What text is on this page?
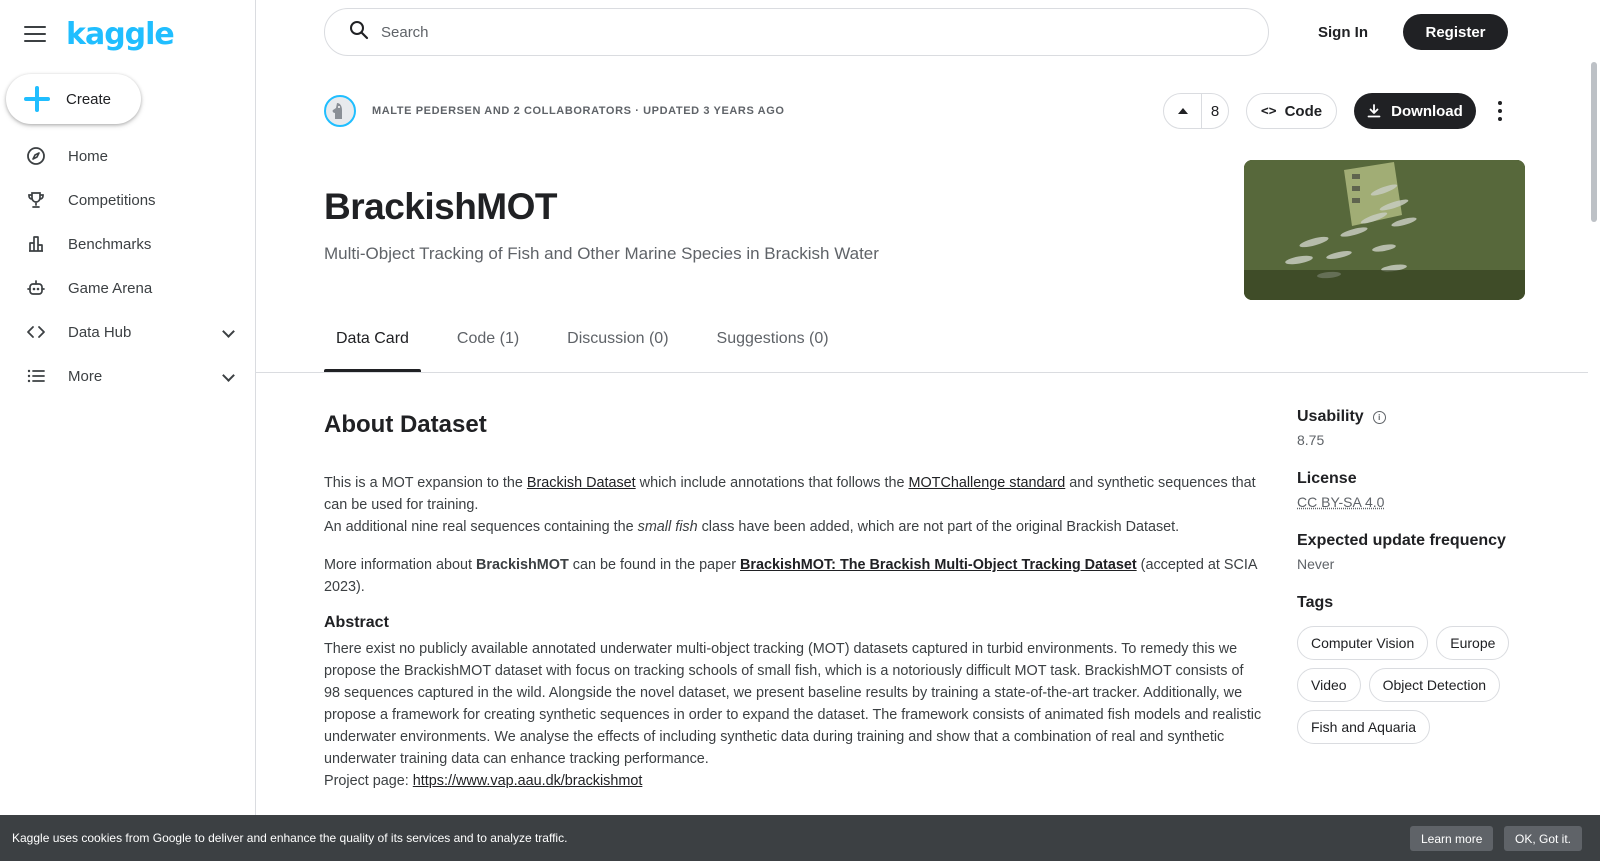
kaggle
Create
Home
Competitions
Benchmarks
Game Arena
Data Hub
More
Search
Sign In	Register
MALTE PEDERSEN AND 2 COLLABORATORS · UPDATED 3 YEARS AGO	8	<> Code	Download
BrackishMOT
Multi-Object Tracking of Fish and Other Marine Species in Brackish Water
Data Card	Code (1)	Discussion (0)	Suggestions (0)
About Dataset

This is a MOT expansion to the Brackish Dataset which include annotations that follows the MOTChallenge standard and synthetic sequences that can be used for training.

An additional nine real sequences containing the small fish class have been added, which are not part of the original Brackish Dataset.

More information about BrackishMOT can be found in the paper BrackishMOT: The Brackish Multi-Object Tracking Dataset (accepted at SCIA 2023).

Abstract

There exist no publicly available annotated underwater multi-object tracking (MOT) datasets captured in turbid environments. To remedy this we propose the BrackishMOT dataset with focus on tracking schools of small fish, which is a notoriously difficult MOT task. BrackishMOT consists of 98 sequences captured in the wild. Alongside the novel dataset, we present baseline results by training a state-of-the-art tracker. Additionally, we propose a framework for creating synthetic sequences in order to expand the dataset. The framework consists of animated fish models and realistic underwater environments. We analyse the effects of including synthetic data during training and show that a combination of real and synthetic underwater training data can enhance tracking performance.

Project page: https://www.vap.aau.dk/brackishmot

Usability	i
8.75
License
CC BY-SA 4.0
Expected update frequency
Never
Tags
Computer Vision	Europe
Video	Object Detection
Fish and Aquaria
Kaggle uses cookies from Google to deliver and enhance the quality of its services and to analyze traffic.	Learn more	OK, Got it.
